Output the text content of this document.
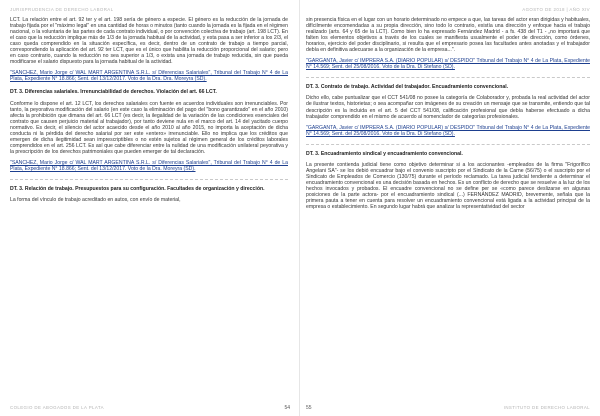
JURISPRUDENCIA DE DERECHO LABORAL

LCT. La relación entre el art. 92 ter y el art. 198 sería de género a especie. El género es la reducción de la jornada de trabajo fijada por el "máximo legal" en una cantidad de horas o minutos (tanto cuando la jornada es la fijada en el régimen nacional, o la voluntaria de las partes de cada contrato individual, o por convención colectiva de trabajo (art. 198 LCT). En el caso que la reducción implique más de 1/3 de la jornada habitual de la actividad, y esta pasa a ser inferior a los 2/3, el caso queda comprendido en la situación específica, es decir, dentro de un contrato de trabajo a tiempo parcial, correspondiendo la aplicación del art. 92 ter LCT, que es el único que habilita la reducción proporcional del salario; pero en caso contrario, cuando la reducción no sea superior a 1/3, o exista una jornada de trabajo reducida, sin que pueda modificarse el salario dispuesto para la jornada habitual de la actividad.

"SANCHEZ, Mario Jorge c/ WAL MART ARGENTINA S.R.L. s/ Diferencias Salariales", Tribunal del Trabajo N° 4 de La Plata, Expediente N° 18.866; Sent. del 13/12/2017. Voto de la Dra. Dra. Moreyra (SD).

DT. 3. Diferencias salariales. Irrenunciabilidad de derechos. Violación del art. 66 LCT.

Conforme lo dispone el art. 12 LCT, los derechos salariales con fuente en acuerdos individuales son irrenunciables. Por tanto, la peyorativa modificación del salario (en este caso la eliminación del pago del "bono garantizado" en el año 2010) afecta la prohibición que dimana del art. 66 LCT (es decir, la ilegalidad de la variación de las condiciones esenciales del contrato que causen perjuicio material al trabajador), por tanto deviene nula en el marco del art. 14 del yacitado cuerpo normativo. Es decir, el silencio del actor acaecido desde el año 2010 al año 2015, no importa la aceptación de dicha conducta ni la pérdida del derecho salarial por ser este «entero» irrenunciable. Ello no implica que los créditos que emergen de dicha ilegitimidad sean imprescriptibles o no estén sujetos al régimen general de los créditos laborales comprendidos en el art. 256 LCT. Es así que cabe diferenciar entre la nulidad de una modificación unilateral peyorativa y la prescripción de los derechos patrimoniales que pueden emerger de tal declaración.

"SANCHEZ, Mario Jorge c/ WAL MART ARGENTINA S.R.L. s/ Diferencias Salariales", Tribunal del Trabajo N° 4 de La Plata, Expediente N° 18.866; Sent. del 13/12/2017. Voto de la Dra. Moreyra (SD).

DT. 3. Relación de trabajo. Presupuestos para su configuración. Facultades de organización y dirección.

La forma del vínculo de trabajo acreditado en autos, con envío de material,

COLEGIO DE ABOGADOS DE LA PLATA	54
AGOSTO DE 2018 | AÑO XIV

sin presencia física en el lugar con un horario determinado no empece a que, las tareas del actor eran dirigidas y habituales, difícilmente encomendadas a su propia dirección, sino todo lo contrario, existía una dirección y enfoque hacia el trabajo realizado (arts. 64 y 65 de la LCT). Como bien lo ha expresado Fernández Madrid - a fs. 438 del T1 - „no importará que falten los elementos objetivos a través de los cuales se manifiesta usualmente el poder de dirección, como órdenes, horarios, ejercicio del poder disciplinario, si resulta que el empresario posea las facultades antes anotadas y el trabajador debía en definitiva adecuarse a la organización de la empresa...".

"GARGANTA, Javier c/ IMPRERA S.A. (DIARIO POPULAR) s/ DESPIDO" Tribunal del Trabajo N° 4 de La Plata, Expediente N° 14.569; Sent. del 25/08/2016. Voto de la Dra. Di Stefano (SD).

DT. 3. Contrato de trabajo. Actividad del trabajador. Encuadramiento convencional.

Dicho ello, cabe puntualizar que el CCT 541/08 no posee la categoría de Colaborador y, probada la real actividad del actor de ilustrar textos, historietas; o sea acompañar con imágenes de su creación un mensaje que se transmite, entiendo que tal descripción es la incluida en el art. 5 del CCT 541/08, calificación profesional que debía haberse efectuado a dicha trabajador comprendido en el mismo de acuerdo al nomenclador de categorías profesionales.

"GARGANTA, Javier c/ IMPRERA S.A. (DIARIO POPULAR) s/ DESPIDO" Tribunal del Trabajo N° 4 de La Plata, Expediente N° 14.569; Sent. del 25/08/2016. Voto de la Dra. Di Stefano (SD).

DT. 3. Encuadramiento sindical y encuadramiento convencional.

La presente contienda judicial tiene como objetivo determinar si a los accionantes -empleados de la firma "Frigorífico Angelani SA"- se los debió encuadrar bajo el convenio suscripto por el Sindicato de la Carne (56/75) o el suscripto por el Sindicato de Empleados de Comercio (130/75) durante el período reclamado. La tarea judicial tendiente a determinar el encuadramiento convencional es una decisión basada en hechos. Es un conflicto de derecho que se resuelve a la luz de los hechos invocados y probados. El encuadre convencional no se define per se «como parece deslizarse en algunas posiciones de la parte actora- por el encuadramiento sindical (...) FERNÁNDEZ MADRID, brevemente, señala que la primera pauta a tener en cuenta para resolver un encuadramiento convencional está ligada a la actividad principal de la empresa o establecimiento. En segundo lugar habrá que analizar la representatividad del sector

INSTITUTO DE DERECHO LABORAL
55
